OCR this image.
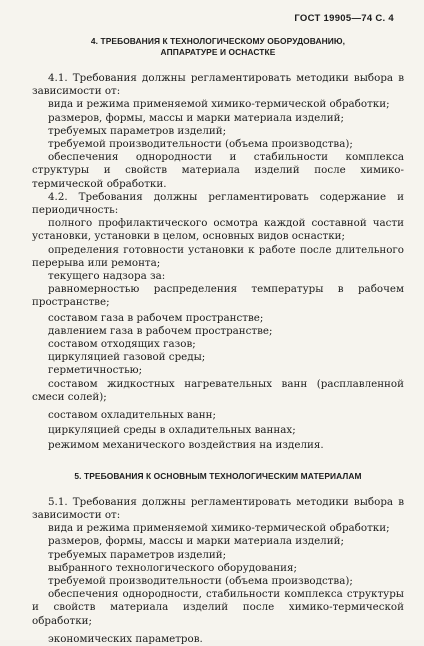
ГОСТ 19905—74 С. 4
4. ТРЕБОВАНИЯ К ТЕХНОЛОГИЧЕСКОМУ ОБОРУДОВАНИЮ,
АППАРАТУРЕ И ОСНАСТКЕ

4.1. Требования должны регламентировать методики выбора в зависимости от:

вида и режима применяемой химико-термической обработки;

размеров, формы, массы и марки материала изделий;

требуемых параметров изделий;

требуемой производительности (объема производства);

обеспечения однородности и стабильности комплекса структуры и свойств материала изделий после химико-термической обработки.

4.2. Требования должны регламентировать содержание и периодичность:

полного профилактического осмотра каждой составной части установки, установки в целом, основных видов оснастки;

определения готовности установки к работе после длительного перерыва или ремонта;

текущего надзора за:

равномерностью распределения температуры в рабочем пространстве;

составом газа в рабочем пространстве;

давлением газа в рабочем пространстве;

составом отходящих газов;

циркуляцией газовой среды;

герметичностью;

составом жидкостных нагревательных ванн (расплавленной смеси солей);

составом охладительных ванн;

циркуляцией среды в охладительных ваннах;

режимом механического воздействия на изделия.

5. ТРЕБОВАНИЯ К ОСНОВНЫМ ТЕХНОЛОГИЧЕСКИМ МАТЕРИАЛАМ

5.1. Требования должны регламентировать методики выбора в зависимости от:

вида и режима применяемой химико-термической обработки;

размеров, формы, массы и марки материала изделий;

требуемых параметров изделий;

выбранного технологического оборудования;

требуемой производительности (объема производства);

обеспечения однородности, стабильности комплекса структуры и свойств материала изделий после химико-термической обработки;

экономических параметров.
